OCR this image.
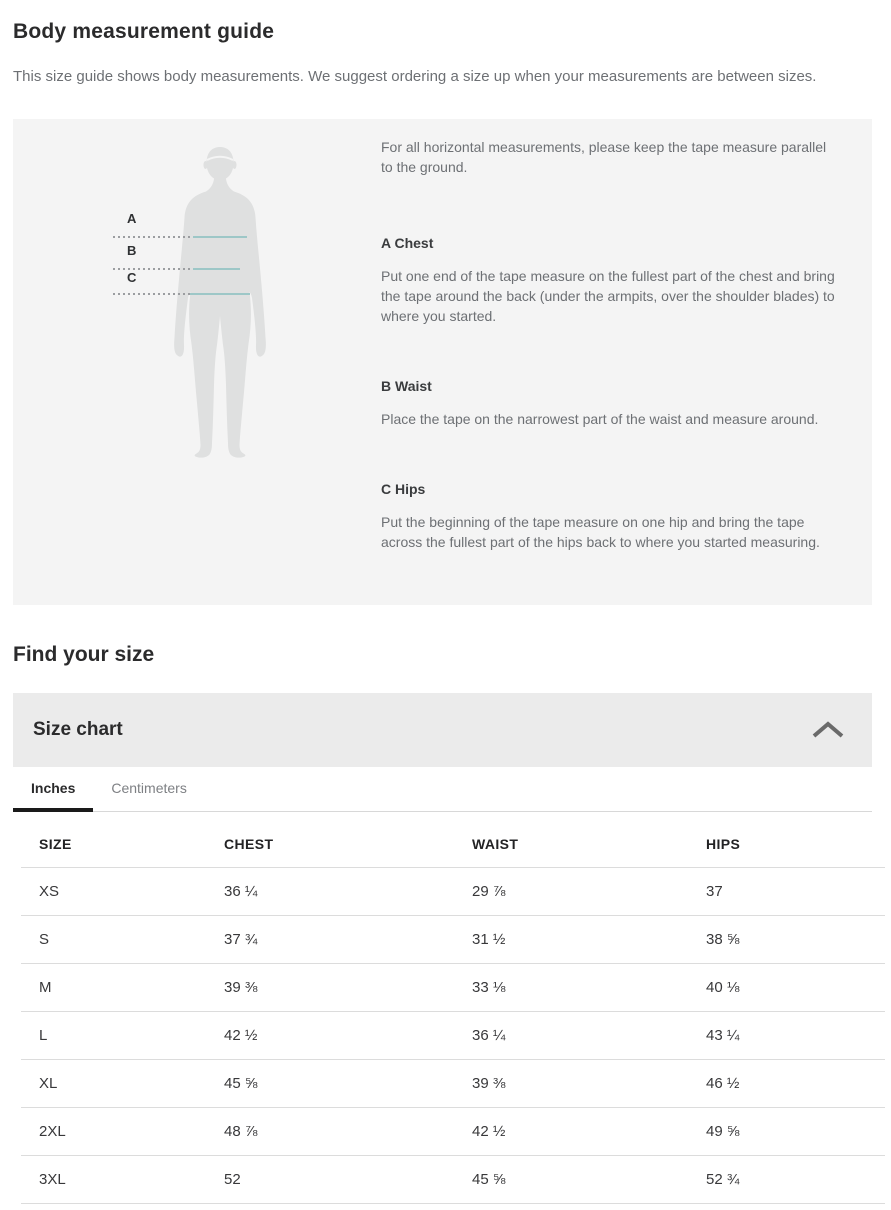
Body measurement guide

This size guide shows body measurements. We suggest ordering a size up when your measurements are between sizes.

A
B
C

For all horizontal measurements, please keep the tape measure parallel to the ground.

A Chest

Put one end of the tape measure on the fullest part of the chest and bring the tape around the back (under the armpits, over the shoulder blades) to where you started.

B Waist

Place the tape on the narrowest part of the waist and measure around.

C Hips

Put the beginning of the tape measure on one hip and bring the tape across the fullest part of the hips back to where you started measuring.

Find your size
Size chart
Inches	Centimeters
SIZE	CHEST	WAIST	HIPS
XS	36 ¼	29 ⅞	37
S	37 ¾	31 ½	38 ⅝
M	39 ⅜	33 ⅛	40 ⅛
L	42 ½	36 ¼	43 ¼
XL	45 ⅝	39 ⅜	46 ½
2XL	48 ⅞	42 ½	49 ⅝
3XL	52	45 ⅝	52 ¾
